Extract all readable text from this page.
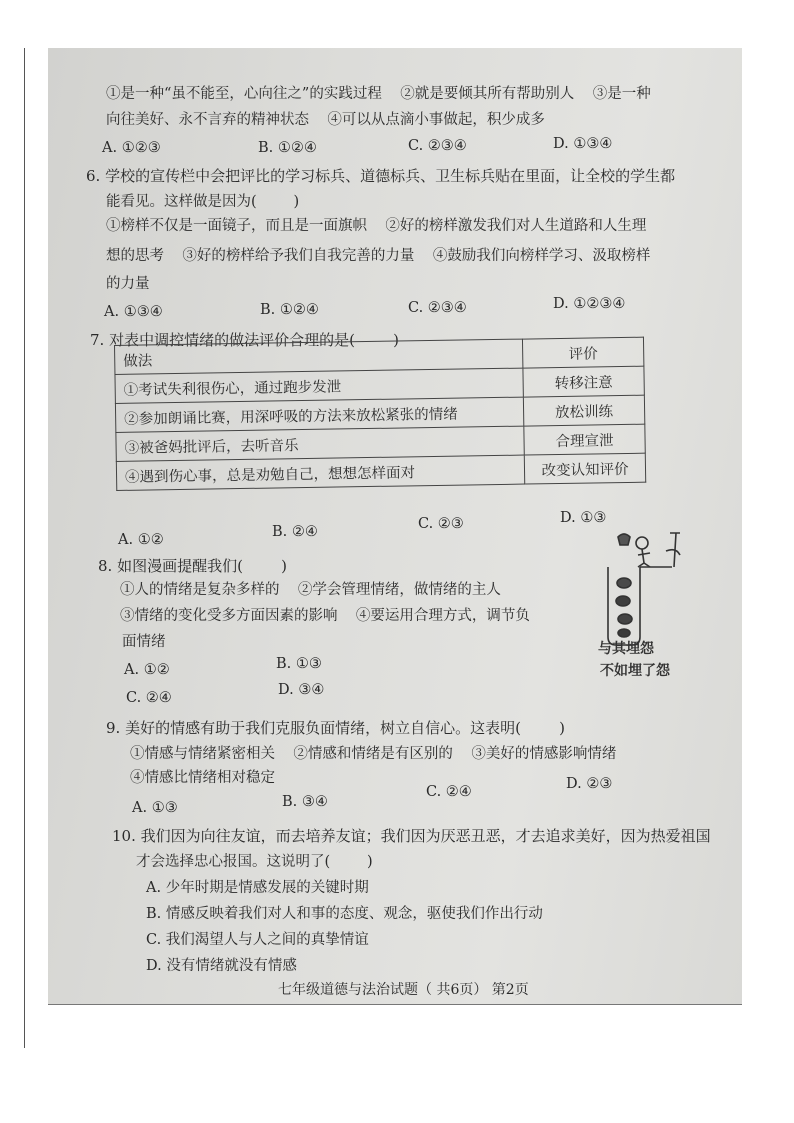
①是一种“虽不能至，心向往之”的实践过程    ②就是要倾其所有帮助别人    ③是一种
向往美好、永不言弃的精神状态    ④可以从点滴小事做起，积少成多
A. ①②③	B. ①②④	C. ②③④	D. ①③④
6. 学校的宣传栏中会把评比的学习标兵、道德标兵、卫生标兵贴在里面，让全校的学生都
能看见。这样做是因为(        )
①榜样不仅是一面镜子，而且是一面旗帜    ②好的榜样激发我们对人生道路和人生理
想的思考    ③好的榜样给予我们自我完善的力量    ④鼓励我们向榜样学习、汲取榜样
的力量
A. ①③④	B. ①②④	C. ②③④	D. ①②③④
7. 对表中调控情绪的做法评价合理的是(        )
做法	评价
①考试失利很伤心，通过跑步发泄	转移注意
②参加朗诵比赛，用深呼吸的方法来放松紧张的情绪	放松训练
③被爸妈批评后，去听音乐	合理宣泄
④遇到伤心事，总是劝勉自己，想想怎样面对	改变认知评价
A. ①②	B. ②④	C. ②③	D. ①③
8. 如图漫画提醒我们(        )
①人的情绪是复杂多样的    ②学会管理情绪，做情绪的主人
③情绪的变化受多方面因素的影响    ④要运用合理方式，调节负
面情绪
A. ①②	B. ①③
C. ②④	D. ③④
与其埋怨
不如埋了怨
9. 美好的情感有助于我们克服负面情绪，树立自信心。这表明(        )
①情感与情绪紧密相关    ②情感和情绪是有区别的    ③美好的情感影响情绪
④情感比情绪相对稳定
A. ①③	B. ③④
C. ②④	D. ②③
10. 我们因为向往友谊，而去培养友谊；我们因为厌恶丑恶，才去追求美好，因为热爱祖国
才会选择忠心报国。这说明了(        )
A. 少年时期是情感发展的关键时期
B. 情感反映着我们对人和事的态度、观念，驱使我们作出行动
C. 我们渴望人与人之间的真挚情谊
D. 没有情绪就没有情感
七年级道德与法治试题（ 共6页） 第2页
